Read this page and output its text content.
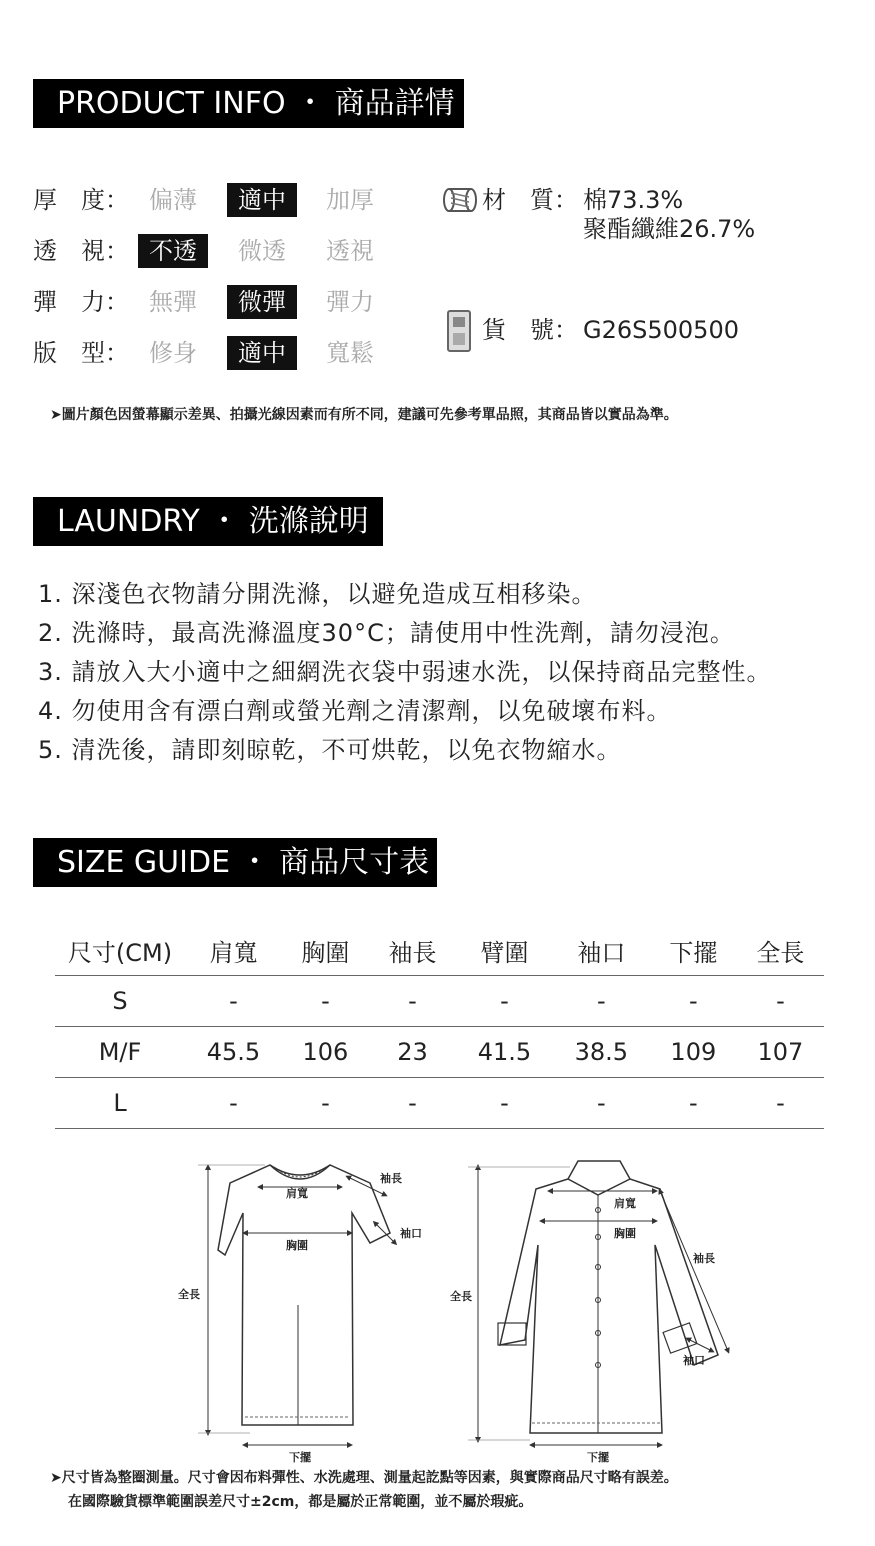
PRODUCT INFO ・ 商品詳情
厚　度： 偏薄	適中	加厚
透　視： 不透	微透	透視
彈　力： 無彈	微彈	彈力
版　型： 修身	適中	寬鬆
材　質： 棉73.3%
聚酯纖維26.7%
貨　號： G26S500500
➤圖片顏色因螢幕顯示差異、拍攝光線因素而有所不同，建議可先參考單品照，其商品皆以實品為準。
LAUNDRY ・ 洗滌說明
1. 深淺色衣物請分開洗滌，以避免造成互相移染。
2. 洗滌時，最高洗滌溫度30°C；請使用中性洗劑，請勿浸泡。
3. 請放入大小適中之細網洗衣袋中弱速水洗，以保持商品完整性。
4. 勿使用含有漂白劑或螢光劑之清潔劑，以免破壞布料。
5. 清洗後，請即刻晾乾，不可烘乾，以免衣物縮水。
SIZE GUIDE ・ 商品尺寸表
尺寸(CM)	肩寬	胸圍	袖長	臂圍	袖口	下擺	全長
S	-	-	-	-	-	-	-
M/F	45.5	106	23	41.5	38.5	109	107
L	-	-	-	-	-	-	-
肩寬
胸圍
袖長
袖口
全長
下擺
肩寬
胸圍
袖長
袖口
全長
下擺
➤尺寸皆為整圈測量。尺寸會因布料彈性、水洗處理、測量起訖點等因素，與實際商品尺寸略有誤差。
在國際驗貨標準範圍誤差尺寸±2cm，都是屬於正常範圍，並不屬於瑕疵。
